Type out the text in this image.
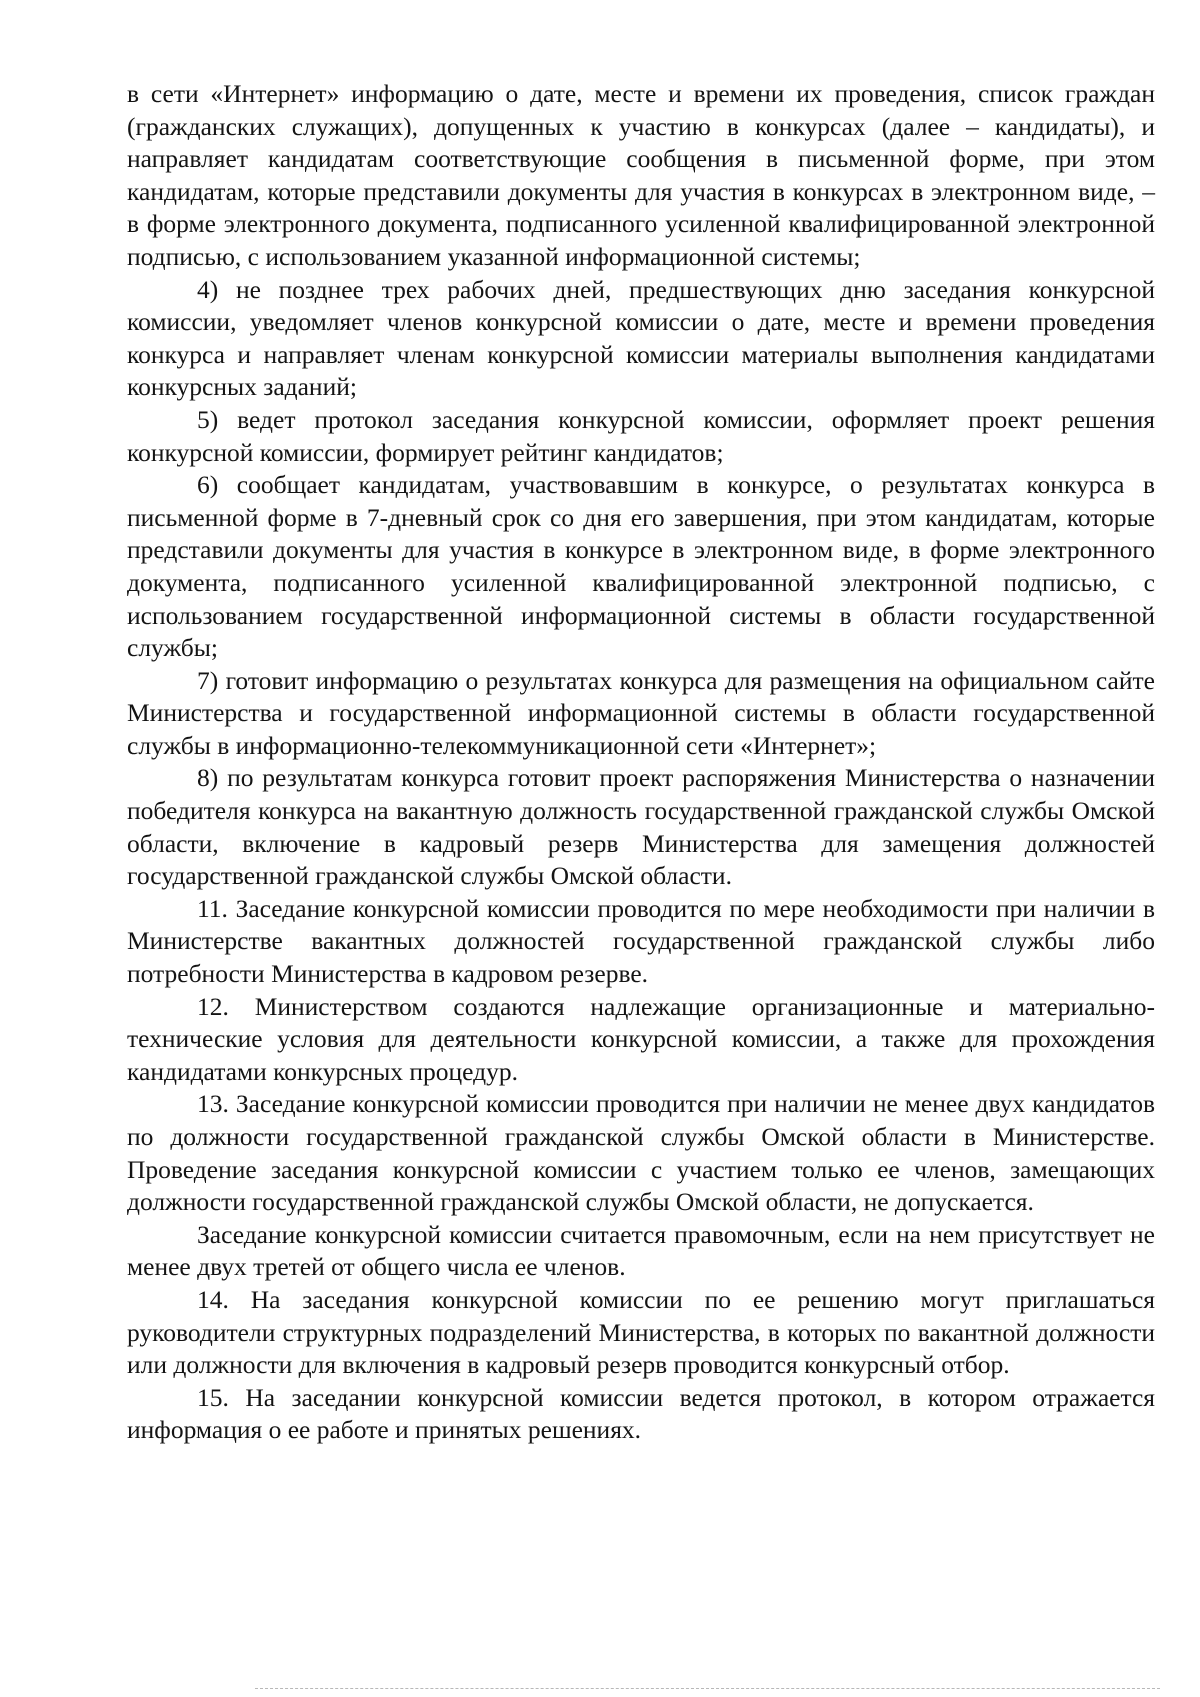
в сети «Интернет» информацию о дате, месте и времени их проведения, список граждан (гражданских служащих), допущенных к участию в конкурсах (далее – кандидаты), и направляет кандидатам соответствующие сообщения в письменной форме, при этом кандидатам, которые представили документы для участия в конкурсах в электронном виде, – в форме электронного документа, подписанного усиленной квалифицированной электронной подписью, с использованием указанной информационной системы;

4) не позднее трех рабочих дней, предшествующих дню заседания конкурсной комиссии, уведомляет членов конкурсной комиссии о дате, месте и времени проведения конкурса и направляет членам конкурсной комиссии материалы выполнения кандидатами конкурсных заданий;

5) ведет протокол заседания конкурсной комиссии, оформляет проект решения конкурсной комиссии, формирует рейтинг кандидатов;

6) сообщает кандидатам, участвовавшим в конкурсе, о результатах конкурса в письменной форме в 7-дневный срок со дня его завершения, при этом кандидатам, которые представили документы для участия в конкурсе в электронном виде, в форме электронного документа, подписанного усиленной квалифицированной электронной подписью, с использованием государственной информационной системы в области государственной службы;

7) готовит информацию о результатах конкурса для размещения на официальном сайте Министерства и государственной информационной системы в области государственной службы в информационно-телекоммуникационной сети «Интернет»;

8) по результатам конкурса готовит проект распоряжения Министерства о назначении победителя конкурса на вакантную должность государственной гражданской службы Омской области, включение в кадровый резерв Министерства для замещения должностей государственной гражданской службы Омской области.

11. Заседание конкурсной комиссии проводится по мере необходимости при наличии в Министерстве вакантных должностей государственной гражданской службы либо потребности Министерства в кадровом резерве.

12. Министерством создаются надлежащие организационные и материально-технические условия для деятельности конкурсной комиссии, а также для прохождения кандидатами конкурсных процедур.

13. Заседание конкурсной комиссии проводится при наличии не менее двух кандидатов по должности государственной гражданской службы Омской области в Министерстве. Проведение заседания конкурсной комиссии с участием только ее членов, замещающих должности государственной гражданской службы Омской области, не допускается.

Заседание конкурсной комиссии считается правомочным, если на нем присутствует не менее двух третей от общего числа ее членов.

14. На заседания конкурсной комиссии по ее решению могут приглашаться руководители структурных подразделений Министерства, в которых по вакантной должности или должности для включения в кадровый резерв проводится конкурсный отбор.

15. На заседании конкурсной комиссии ведется протокол, в котором отражается информация о ее работе и принятых решениях.
